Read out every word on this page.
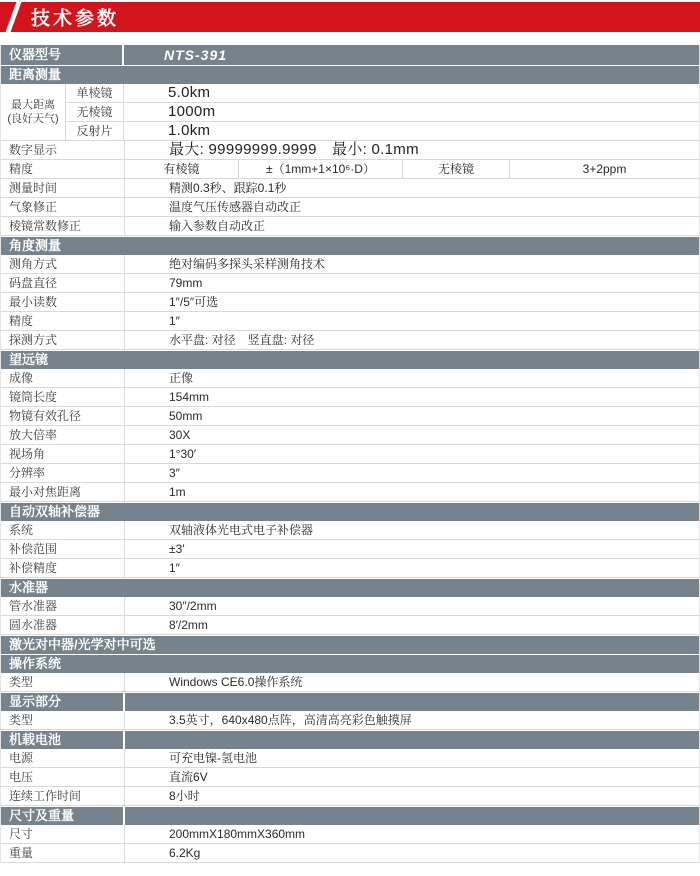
技术参数
仪器型号	NTS-391
距离测量
最大距离
(良好天气)
单棱镜	5.0km
无棱镜	1000m
反射片	1.0km
数字显示	最大: 99999999.9999　最小: 0.1mm
精度	有棱镜	±（1mm+1×10⁶·D）	无棱镜	3+2ppm
测量时间	精测0.3秒、跟踪0.1秒
气象修正	温度气压传感器自动改正
棱镜常数修正	输入参数自动改正
角度测量
测角方式	绝对编码多探头采样测角技术
码盘直径	79mm
最小读数	1″/5″可选
精度	1″
探测方式	水平盘: 对径　竖直盘: 对径
望远镜
成像	正像
镜筒长度	154mm
物镜有效孔径	50mm
放大倍率	30X
视场角	1°30′
分辨率	3″
最小对焦距离	1m
自动双轴补偿器
系统	双轴液体光电式电子补偿器
补偿范围	±3′
补偿精度	1″
水准器
管水准器	30″/2mm
圆水准器	8′/2mm
激光对中器/光学对中可选
操作系统
类型	Windows CE6.0操作系统
显示部分
类型	3.5英寸，640x480点阵，高清高亮彩色触摸屏
机载电池
电源	可充电镍-氢电池
电压	直流6V
连续工作时间	8小时
尺寸及重量
尺寸	200mmX180mmX360mm
重量	6.2Kg
